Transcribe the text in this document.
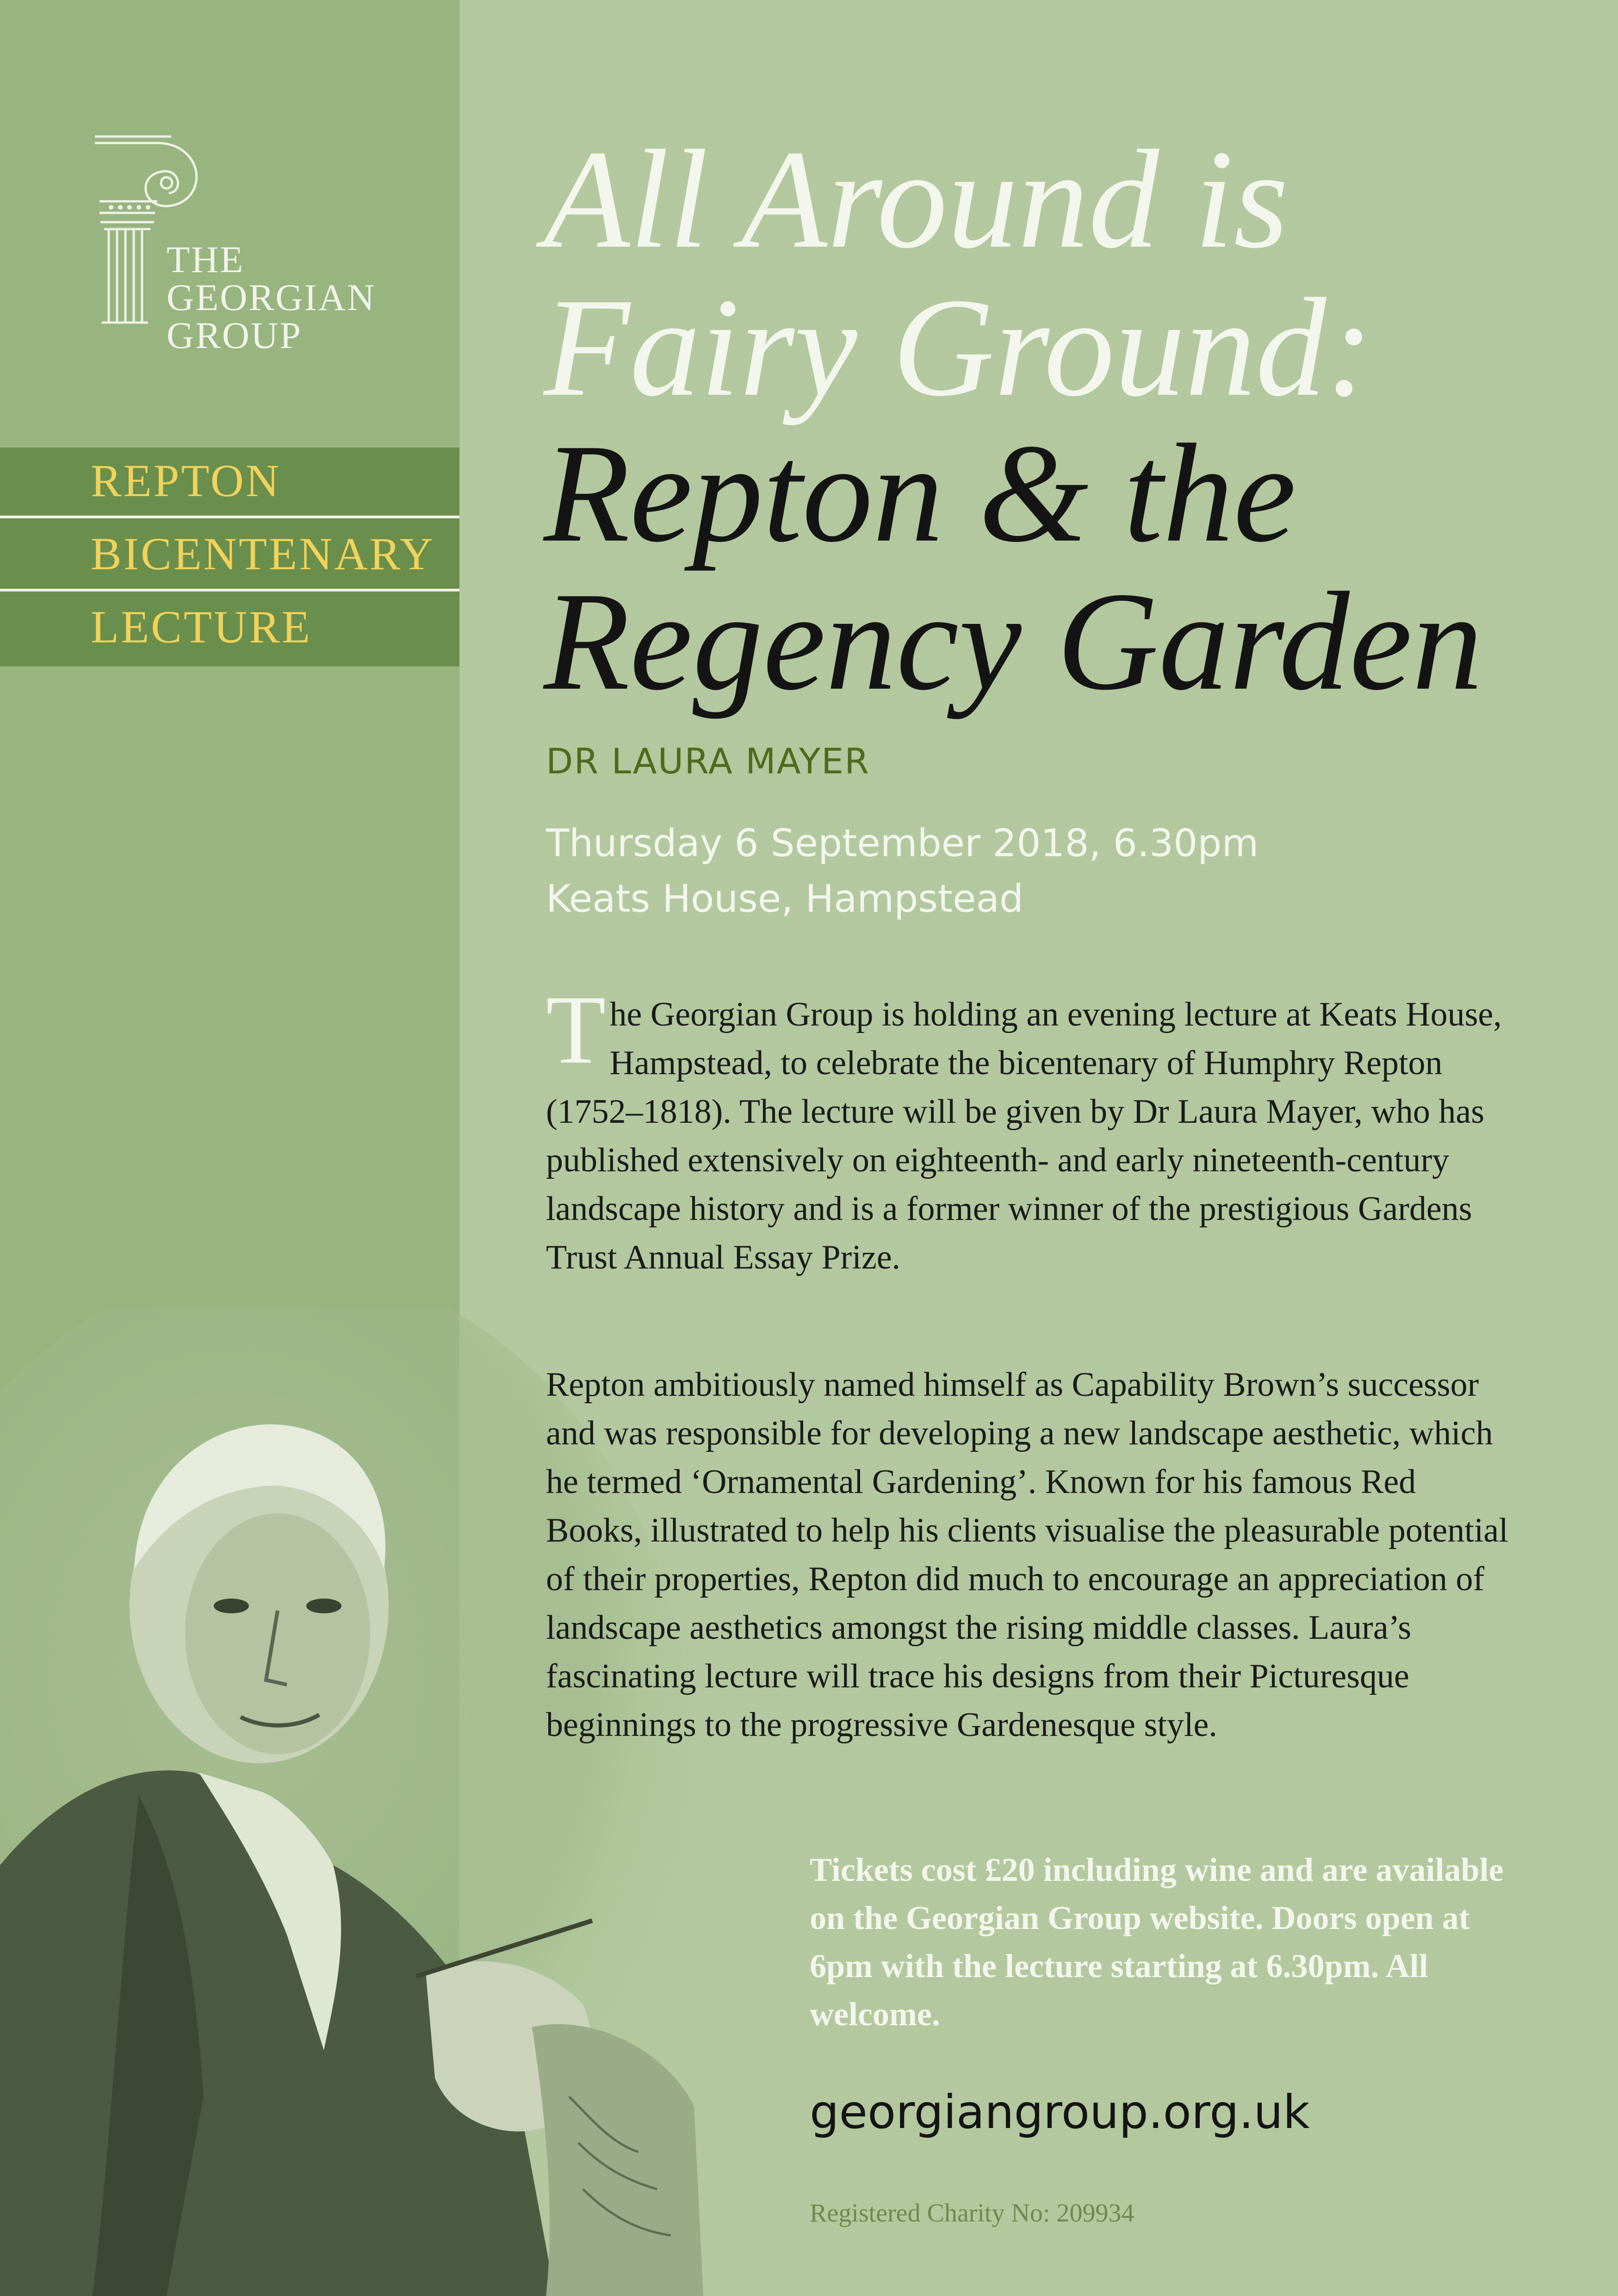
THE
GEORGIAN
GROUP
REPTON
BICENTENARY
LECTURE
All Around is
Fairy Ground:
Repton & the
Regency Garden
DR LAURA MAYER
Thursday 6 September 2018, 6.30pm
Keats House, Hampstead

The Georgian Group is holding an evening lecture at Keats House, Hampstead, to celebrate the bicentenary of Humphry Repton (1752–1818). The lecture will be given by Dr Laura Mayer, who has published extensively on eighteenth- and early nineteenth-century landscape history and is a former winner of the prestigious Gardens Trust Annual Essay Prize.

Repton ambitiously named himself as Capability Brown’s successor and was responsible for developing a new landscape aesthetic, which he termed ‘Ornamental Gardening’. Known for his famous Red Books, illustrated to help his clients visualise the pleasurable potential of their properties, Repton did much to encourage an appreciation of landscape aesthetics amongst the rising middle classes. Laura’s fascinating lecture will trace his designs from their Picturesque beginnings to the progressive Gardenesque style.

Tickets cost £20 including wine and are available on the Georgian Group website. Doors open at 6pm with the lecture starting at 6.30pm. All welcome.

georgiangroup.org.uk
Registered Charity No: 209934
